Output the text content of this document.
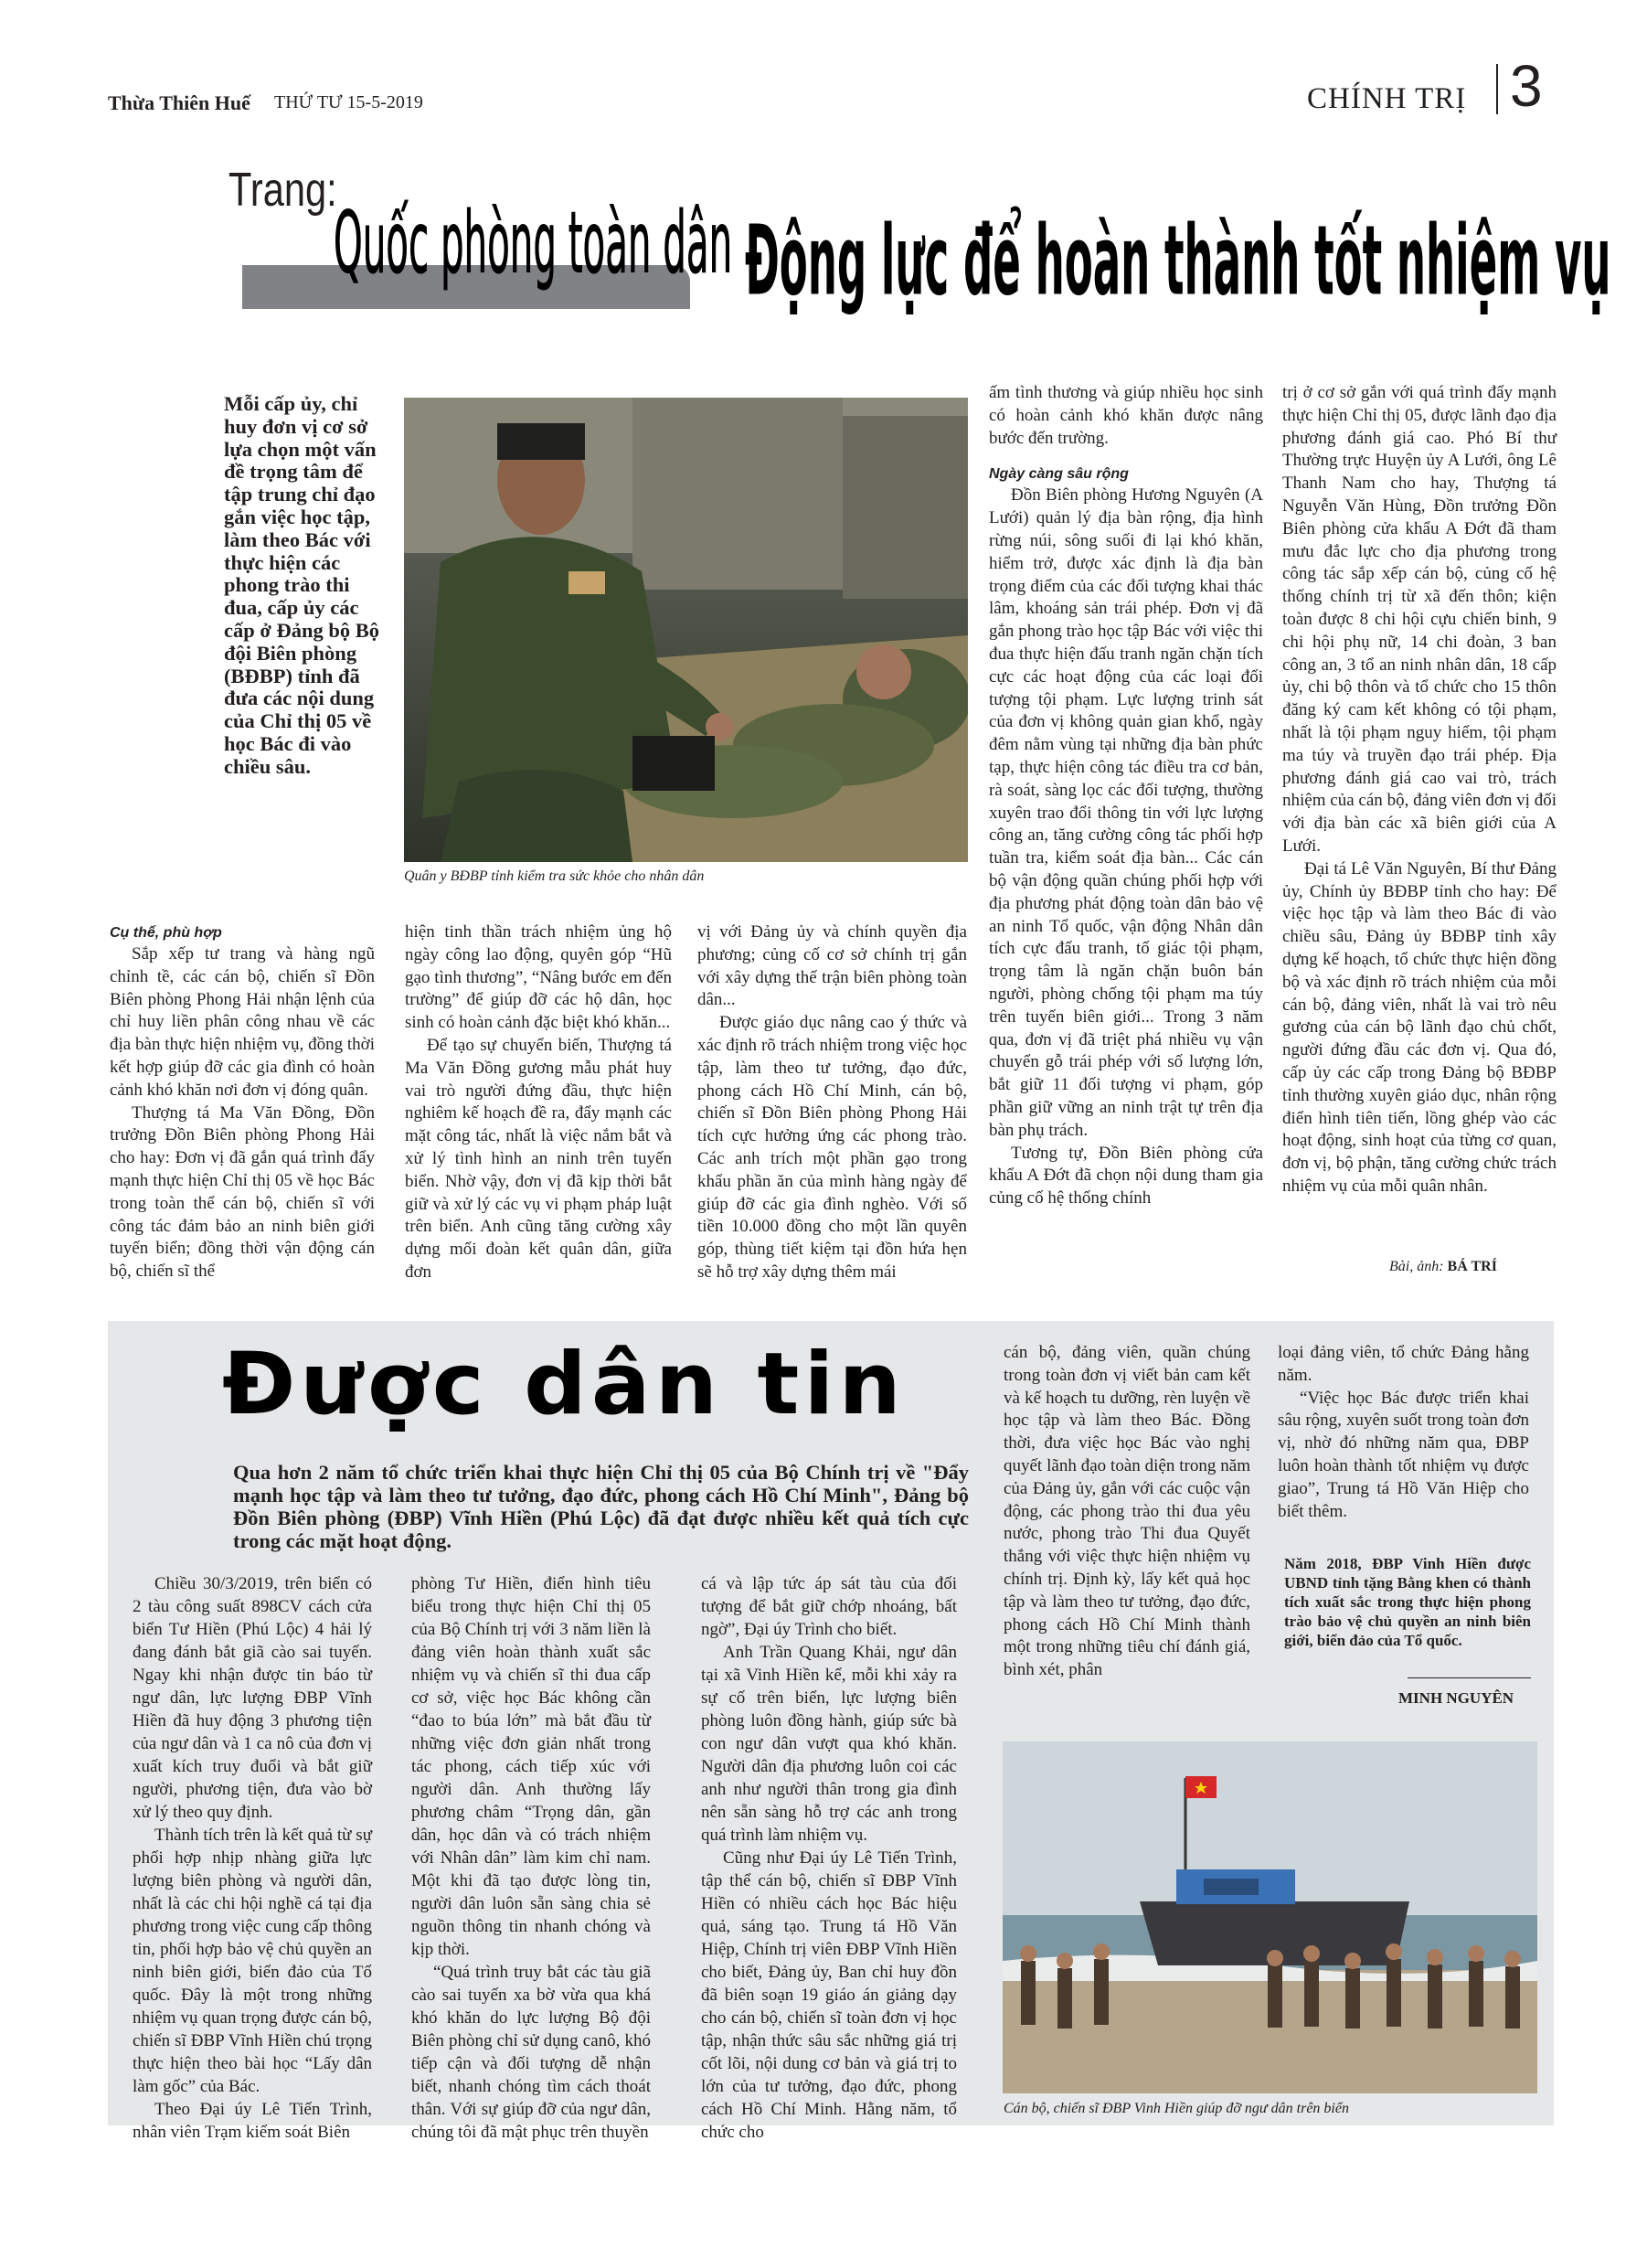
Thừa Thiên Huế THỨ TƯ 15-5-2019	CHÍNH TRỊ 3
Trang:
Quốc phòng toàn dân Động lực để hoàn thành tốt nhiệm vụ
Mỗi cấp ủy, chỉ huy đơn vị cơ sở lựa chọn một vấn đề trọng tâm để tập trung chỉ đạo gắn việc học tập, làm theo Bác với thực hiện các phong trào thi đua, cấp ủy các cấp ở Đảng bộ Bộ đội Biên phòng (BĐBP) tỉnh đã đưa các nội dung của Chỉ thị 05 về học Bác đi vào chiều sâu.
Quân y BĐBP tỉnh kiểm tra sức khỏe cho nhân dân
Cụ thể, phù hợp

Sắp xếp tư trang và hàng ngũ chỉnh tề, các cán bộ, chiến sĩ Đồn Biên phòng Phong Hải nhận lệnh của chỉ huy liền phân công nhau về các địa bàn thực hiện nhiệm vụ, đồng thời kết hợp giúp đỡ các gia đình có hoàn cảnh khó khăn nơi đơn vị đóng quân.

Thượng tá Ma Văn Đồng, Đồn trưởng Đồn Biên phòng Phong Hải cho hay: Đơn vị đã gắn quá trình đẩy mạnh thực hiện Chỉ thị 05 về học Bác trong toàn thể cán bộ, chiến sĩ với công tác đảm bảo an ninh biên giới tuyến biển; đồng thời vận động cán bộ, chiến sĩ thể

hiện tinh thần trách nhiệm ủng hộ ngày công lao động, quyên góp “Hũ gạo tình thương”, “Nâng bước em đến trường” để giúp đỡ các hộ dân, học sinh có hoàn cảnh đặc biệt khó khăn...

Để tạo sự chuyển biến, Thượng tá Ma Văn Đồng gương mẫu phát huy vai trò người đứng đầu, thực hiện nghiêm kế hoạch đề ra, đẩy mạnh các mặt công tác, nhất là việc nắm bắt và xử lý tình hình an ninh trên tuyến biển. Nhờ vậy, đơn vị đã kịp thời bắt giữ và xử lý các vụ vi phạm pháp luật trên biển. Anh cũng tăng cường xây dựng mối đoàn kết quân dân, giữa đơn

vị với Đảng ủy và chính quyền địa phương; củng cố cơ sở chính trị gắn với xây dựng thế trận biên phòng toàn dân...

Được giáo dục nâng cao ý thức và xác định rõ trách nhiệm trong việc học tập, làm theo tư tưởng, đạo đức, phong cách Hồ Chí Minh, cán bộ, chiến sĩ Đồn Biên phòng Phong Hải tích cực hưởng ứng các phong trào. Các anh trích một phần gạo trong khẩu phần ăn của mình hàng ngày để giúp đỡ các gia đình nghèo. Với số tiền 10.000 đồng cho một lần quyên góp, thùng tiết kiệm tại đồn hứa hẹn sẽ hỗ trợ xây dựng thêm mái

ấm tình thương và giúp nhiều học sinh có hoàn cảnh khó khăn được nâng bước đến trường.

Ngày càng sâu rộng

Đồn Biên phòng Hương Nguyên (A Lưới) quản lý địa bàn rộng, địa hình rừng núi, sông suối đi lại khó khăn, hiểm trở, được xác định là địa bàn trọng điểm của các đối tượng khai thác lâm, khoáng sản trái phép. Đơn vị đã gắn phong trào học tập Bác với việc thi đua thực hiện đấu tranh ngăn chặn tích cực các hoạt động của các loại đối tượng tội phạm. Lực lượng trinh sát của đơn vị không quản gian khổ, ngày đêm nằm vùng tại những địa bàn phức tạp, thực hiện công tác điều tra cơ bản, rà soát, sàng lọc các đối tượng, thường xuyên trao đổi thông tin với lực lượng công an, tăng cường công tác phối hợp tuần tra, kiểm soát địa bàn... Các cán bộ vận động quần chúng phối hợp với địa phương phát động toàn dân bảo vệ an ninh Tổ quốc, vận động Nhân dân tích cực đấu tranh, tố giác tội phạm, trọng tâm là ngăn chặn buôn bán người, phòng chống tội phạm ma túy trên tuyến biên giới... Trong 3 năm qua, đơn vị đã triệt phá nhiều vụ vận chuyển gỗ trái phép với số lượng lớn, bắt giữ 11 đối tượng vi phạm, góp phần giữ vững an ninh trật tự trên địa bàn phụ trách.

Tương tự, Đồn Biên phòng cửa khẩu A Đớt đã chọn nội dung tham gia củng cố hệ thống chính

trị ở cơ sở gắn với quá trình đẩy mạnh thực hiện Chỉ thị 05, được lãnh đạo địa phương đánh giá cao. Phó Bí thư Thường trực Huyện ủy A Lưới, ông Lê Thanh Nam cho hay, Thượng tá Nguyễn Văn Hùng, Đồn trưởng Đồn Biên phòng cửa khẩu A Đớt đã tham mưu đắc lực cho địa phương trong công tác sắp xếp cán bộ, củng cố hệ thống chính trị từ xã đến thôn; kiện toàn được 8 chi hội cựu chiến binh, 9 chi hội phụ nữ, 14 chi đoàn, 3 ban công an, 3 tổ an ninh nhân dân, 18 cấp ủy, chi bộ thôn và tổ chức cho 15 thôn đăng ký cam kết không có tội phạm, nhất là tội phạm nguy hiểm, tội phạm ma túy và truyền đạo trái phép. Địa phương đánh giá cao vai trò, trách nhiệm của cán bộ, đảng viên đơn vị đối với địa bàn các xã biên giới của A Lưới.

Đại tá Lê Văn Nguyên, Bí thư Đảng ủy, Chính ủy BĐBP tỉnh cho hay: Để việc học tập và làm theo Bác đi vào chiều sâu, Đảng ủy BĐBP tỉnh xây dựng kế hoạch, tổ chức thực hiện đồng bộ và xác định rõ trách nhiệm của mỗi cán bộ, đảng viên, nhất là vai trò nêu gương của cán bộ lãnh đạo chủ chốt, người đứng đầu các đơn vị. Qua đó, cấp ủy các cấp trong Đảng bộ BĐBP tỉnh thường xuyên giáo dục, nhân rộng điển hình tiên tiến, lồng ghép vào các hoạt động, sinh hoạt của từng cơ quan, đơn vị, bộ phận, tăng cường chức trách nhiệm vụ của mỗi quân nhân.

Bài, ảnh: BÁ TRÍ
Được dân tin
Qua hơn 2 năm tổ chức triển khai thực hiện Chỉ thị 05 của Bộ Chính trị về "Đẩy mạnh học tập và làm theo tư tưởng, đạo đức, phong cách Hồ Chí Minh", Đảng bộ Đồn Biên phòng (ĐBP) Vĩnh Hiền (Phú Lộc) đã đạt được nhiều kết quả tích cực trong các mặt hoạt động.

Chiều 30/3/2019, trên biển có 2 tàu công suất 898CV cách cửa biển Tư Hiền (Phú Lộc) 4 hải lý đang đánh bắt giã cào sai tuyến. Ngay khi nhận được tin báo từ ngư dân, lực lượng ĐBP Vĩnh Hiền đã huy động 3 phương tiện của ngư dân và 1 ca nô của đơn vị xuất kích truy đuổi và bắt giữ người, phương tiện, đưa vào bờ xử lý theo quy định.

Thành tích trên là kết quả từ sự phối hợp nhịp nhàng giữa lực lượng biên phòng và người dân, nhất là các chi hội nghề cá tại địa phương trong việc cung cấp thông tin, phối hợp bảo vệ chủ quyền an ninh biên giới, biển đảo của Tổ quốc. Đây là một trong những nhiệm vụ quan trọng được cán bộ, chiến sĩ ĐBP Vĩnh Hiền chú trọng thực hiện theo bài học “Lấy dân làm gốc” của Bác.

Theo Đại úy Lê Tiến Trình, nhân viên Trạm kiểm soát Biên

phòng Tư Hiền, điển hình tiêu biểu trong thực hiện Chỉ thị 05 của Bộ Chính trị với 3 năm liền là đảng viên hoàn thành xuất sắc nhiệm vụ và chiến sĩ thi đua cấp cơ sở, việc học Bác không cần “đao to búa lớn” mà bắt đầu từ những việc đơn giản nhất trong tác phong, cách tiếp xúc với người dân. Anh thường lấy phương châm “Trọng dân, gần dân, học dân và có trách nhiệm với Nhân dân” làm kim chỉ nam. Một khi đã tạo được lòng tin, người dân luôn sẵn sàng chia sẻ nguồn thông tin nhanh chóng và kịp thời.

“Quá trình truy bắt các tàu giã cào sai tuyến xa bờ vừa qua khá khó khăn do lực lượng Bộ đội Biên phòng chỉ sử dụng canô, khó tiếp cận và đối tượng dễ nhận biết, nhanh chóng tìm cách thoát thân. Với sự giúp đỡ của ngư dân, chúng tôi đã mật phục trên thuyền

cá và lập tức áp sát tàu của đối tượng để bắt giữ chớp nhoáng, bất ngờ”, Đại úy Trình cho biết.

Anh Trần Quang Khải, ngư dân tại xã Vinh Hiền kể, mỗi khi xảy ra sự cố trên biển, lực lượng biên phòng luôn đồng hành, giúp sức bà con ngư dân vượt qua khó khăn. Người dân địa phương luôn coi các anh như người thân trong gia đình nên sẵn sàng hỗ trợ các anh trong quá trình làm nhiệm vụ.

Cũng như Đại úy Lê Tiến Trình, tập thể cán bộ, chiến sĩ ĐBP Vĩnh Hiền có nhiều cách học Bác hiệu quả, sáng tạo. Trung tá Hồ Văn Hiệp, Chính trị viên ĐBP Vĩnh Hiền cho biết, Đảng ủy, Ban chỉ huy đồn đã biên soạn 19 giáo án giảng dạy cho cán bộ, chiến sĩ toàn đơn vị học tập, nhận thức sâu sắc những giá trị cốt lõi, nội dung cơ bản và giá trị to lớn của tư tưởng, đạo đức, phong cách Hồ Chí Minh. Hằng năm, tổ chức cho

cán bộ, đảng viên, quần chúng trong toàn đơn vị viết bản cam kết và kế hoạch tu dưỡng, rèn luyện về học tập và làm theo Bác. Đồng thời, đưa việc học Bác vào nghị quyết lãnh đạo toàn diện trong năm của Đảng ủy, gắn với các cuộc vận động, các phong trào thi đua yêu nước, phong trào Thi đua Quyết thắng với việc thực hiện nhiệm vụ chính trị. Định kỳ, lấy kết quả học tập và làm theo tư tưởng, đạo đức, phong cách Hồ Chí Minh thành một trong những tiêu chí đánh giá, bình xét, phân

loại đảng viên, tổ chức Đảng hằng năm.

“Việc học Bác được triển khai sâu rộng, xuyên suốt trong toàn đơn vị, nhờ đó những năm qua, ĐBP luôn hoàn thành tốt nhiệm vụ được giao”, Trung tá Hồ Văn Hiệp cho biết thêm.

Năm 2018, ĐBP Vinh Hiền được UBND tỉnh tặng Bằng khen có thành tích xuất sắc trong thực hiện phong trào bảo vệ chủ quyền an ninh biên giới, biển đảo của Tổ quốc.
MINH NGUYÊN
Cán bộ, chiến sĩ ĐBP Vinh Hiền giúp đỡ ngư dân trên biển
